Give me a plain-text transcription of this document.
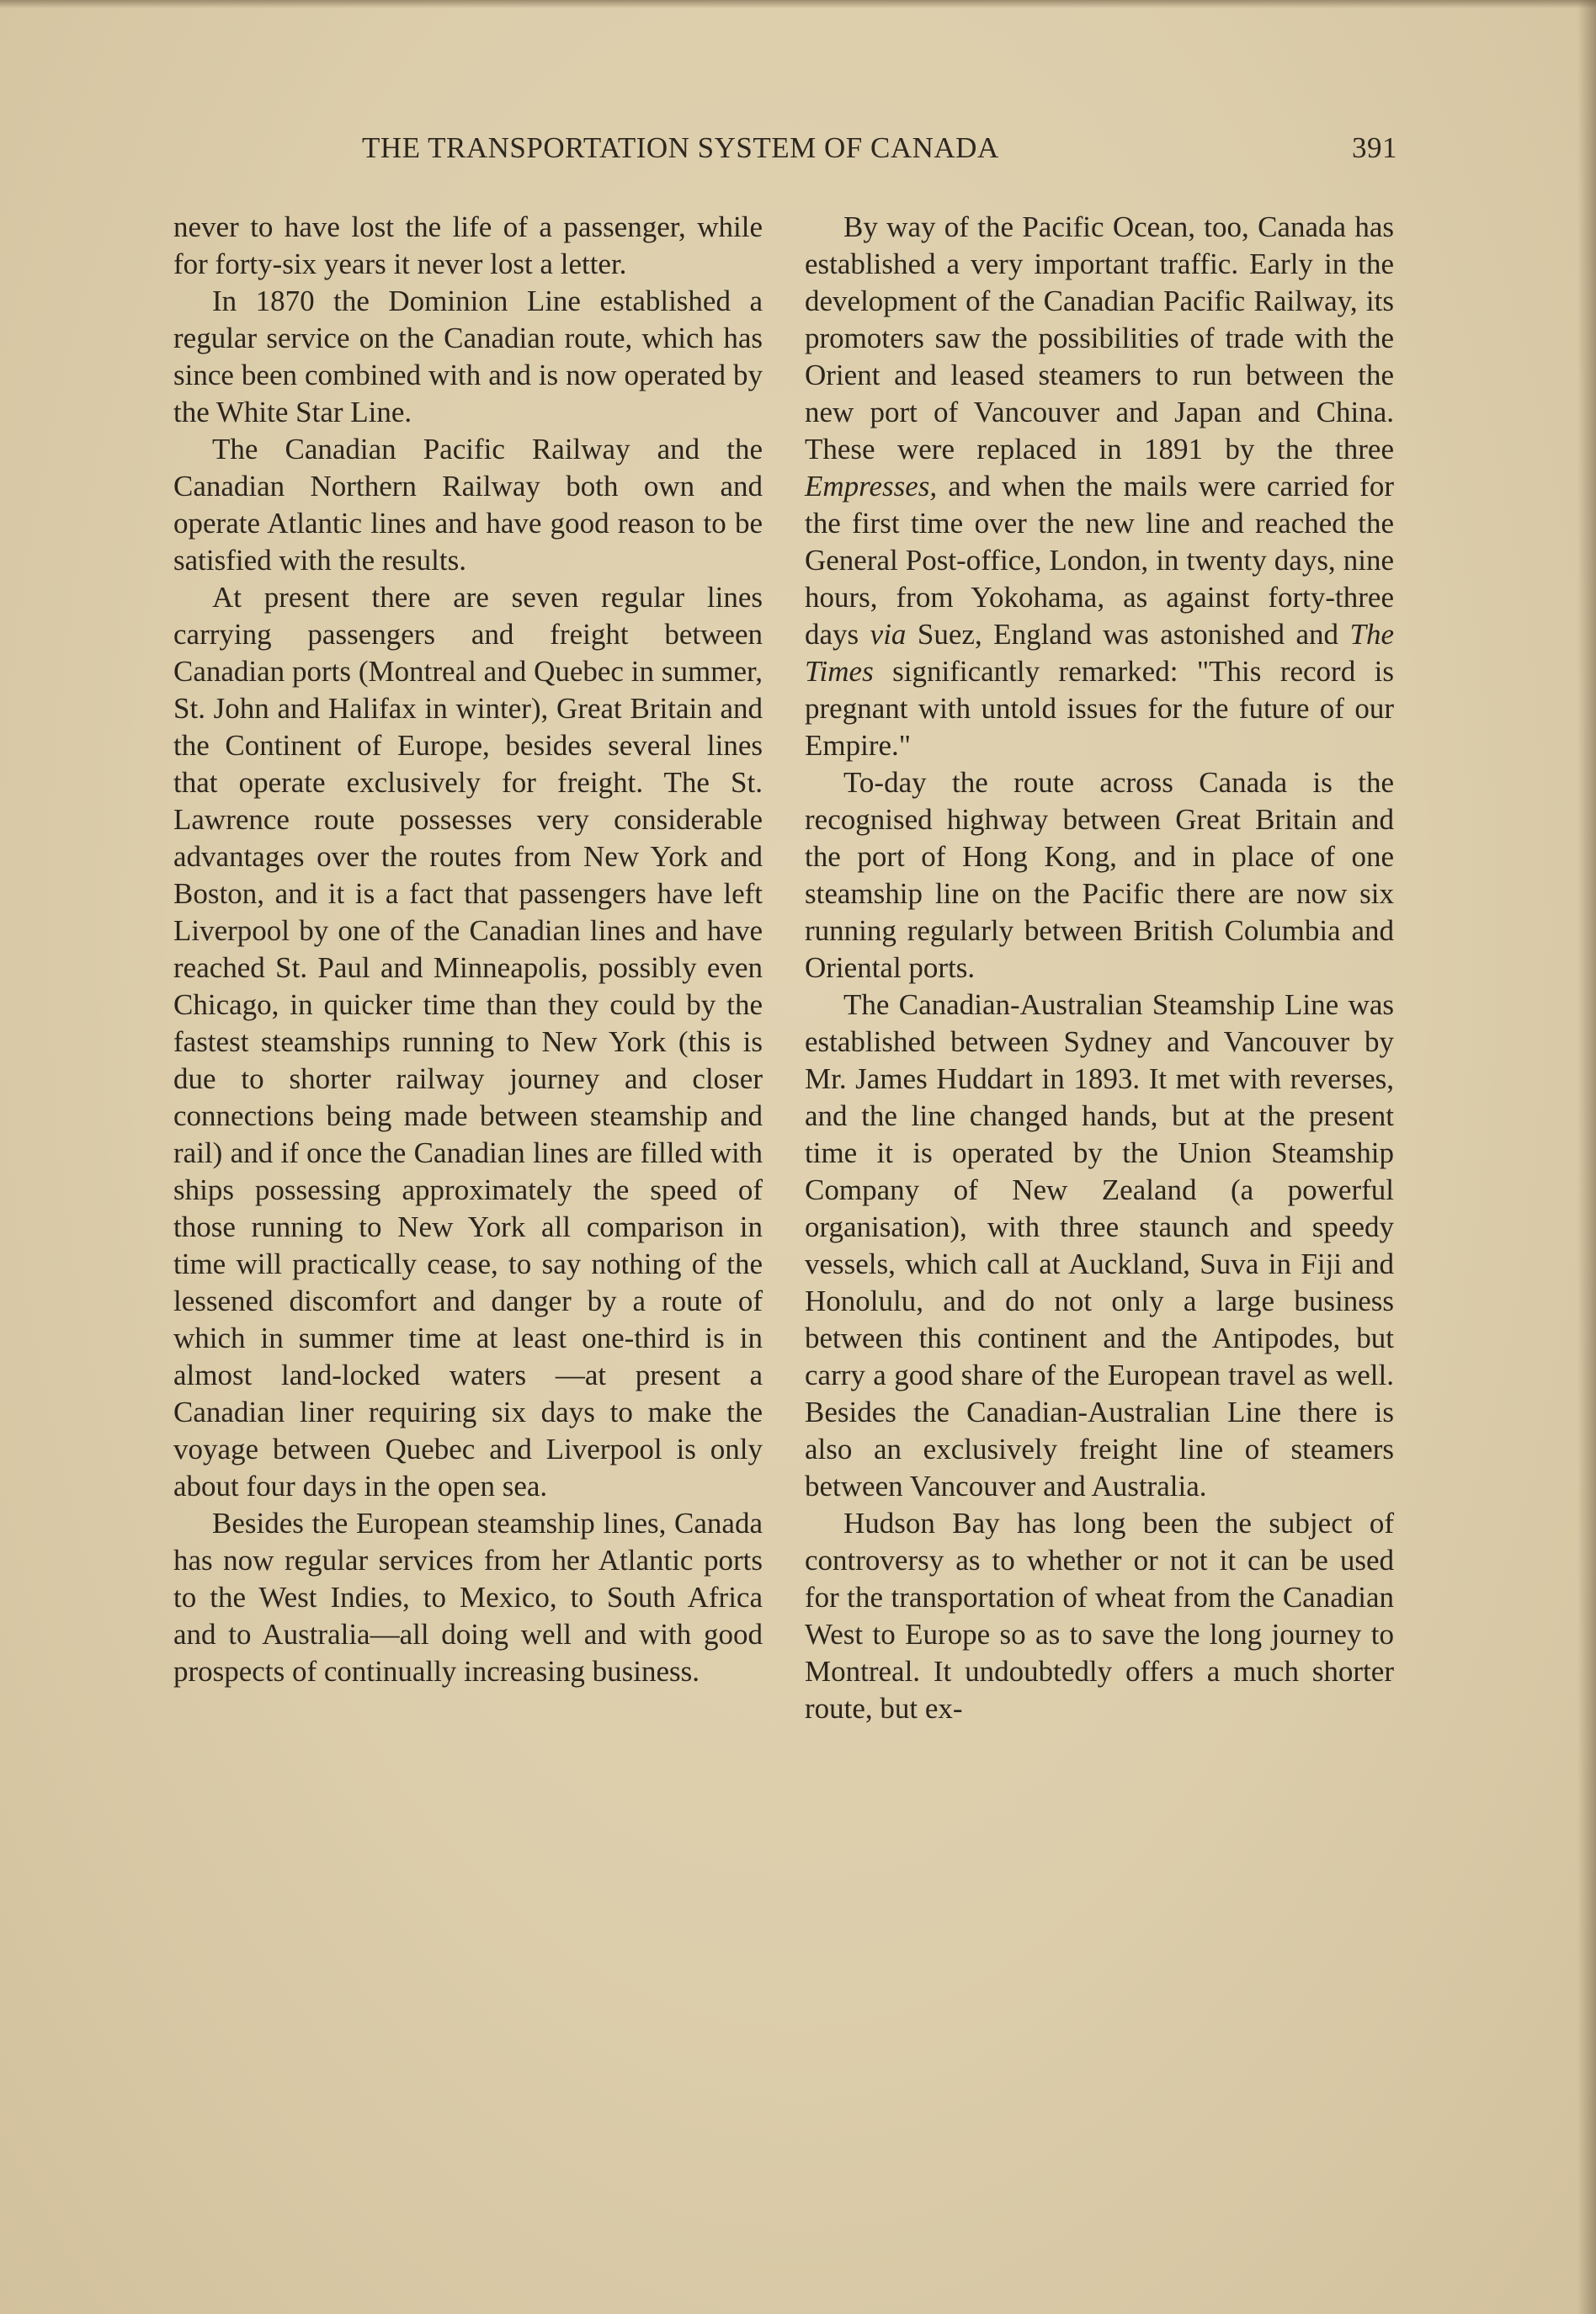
THE TRANSPORTATION SYSTEM OF CANADA	391

never to have lost the life of a passenger, while for forty-six years it never lost a letter.

In 1870 the Dominion Line established a regular service on the Canadian route, which has since been combined with and is now operated by the White Star Line.

The Canadian Pacific Railway and the Canadian Northern Railway both own and operate Atlantic lines and have good reason to be satisfied with the results.

At present there are seven regular lines carrying passengers and freight between Canadian ports (Montreal and Quebec in summer, St. John and Halifax in winter), Great Britain and the Continent of Europe, besides several lines that operate exclusively for freight. The St. Lawrence route possesses very considerable advantages over the routes from New York and Boston, and it is a fact that passengers have left Liverpool by one of the Canadian lines and have reached St. Paul and Minneapolis, possibly even Chicago, in quicker time than they could by the fastest steamships running to New York (this is due to shorter railway journey and closer connections being made between steamship and rail) and if once the Canadian lines are filled with ships possessing approximately the speed of those running to New York all comparison in time will practically cease, to say nothing of the lessened discomfort and danger by a route of which in summer time at least one-third is in almost land-locked waters —at present a Canadian liner requiring six days to make the voyage between Quebec and Liverpool is only about four days in the open sea.

Besides the European steamship lines, Canada has now regular services from her Atlantic ports to the West Indies, to Mexico, to South Africa and to Australia—all doing well and with good prospects of continually increasing business.

By way of the Pacific Ocean, too, Canada has established a very important traffic. Early in the development of the Canadian Pacific Railway, its promoters saw the possibilities of trade with the Orient and leased steamers to run between the new port of Vancouver and Japan and China. These were replaced in 1891 by the three Empresses, and when the mails were carried for the first time over the new line and reached the General Post-office, London, in twenty days, nine hours, from Yokohama, as against forty-three days via Suez, England was astonished and The Times significantly remarked: "This record is pregnant with untold issues for the future of our Empire."

To-day the route across Canada is the recognised highway between Great Britain and the port of Hong Kong, and in place of one steamship line on the Pacific there are now six running regularly between British Columbia and Oriental ports.

The Canadian-Australian Steamship Line was established between Sydney and Vancouver by Mr. James Huddart in 1893. It met with reverses, and the line changed hands, but at the present time it is operated by the Union Steamship Company of New Zealand (a powerful organisation), with three staunch and speedy vessels, which call at Auckland, Suva in Fiji and Honolulu, and do not only a large business between this continent and the Antipodes, but carry a good share of the European travel as well. Besides the Canadian-Australian Line there is also an exclusively freight line of steamers between Vancouver and Australia.

Hudson Bay has long been the subject of controversy as to whether or not it can be used for the transportation of wheat from the Canadian West to Europe so as to save the long journey to Montreal. It undoubtedly offers a much shorter route, but ex-
